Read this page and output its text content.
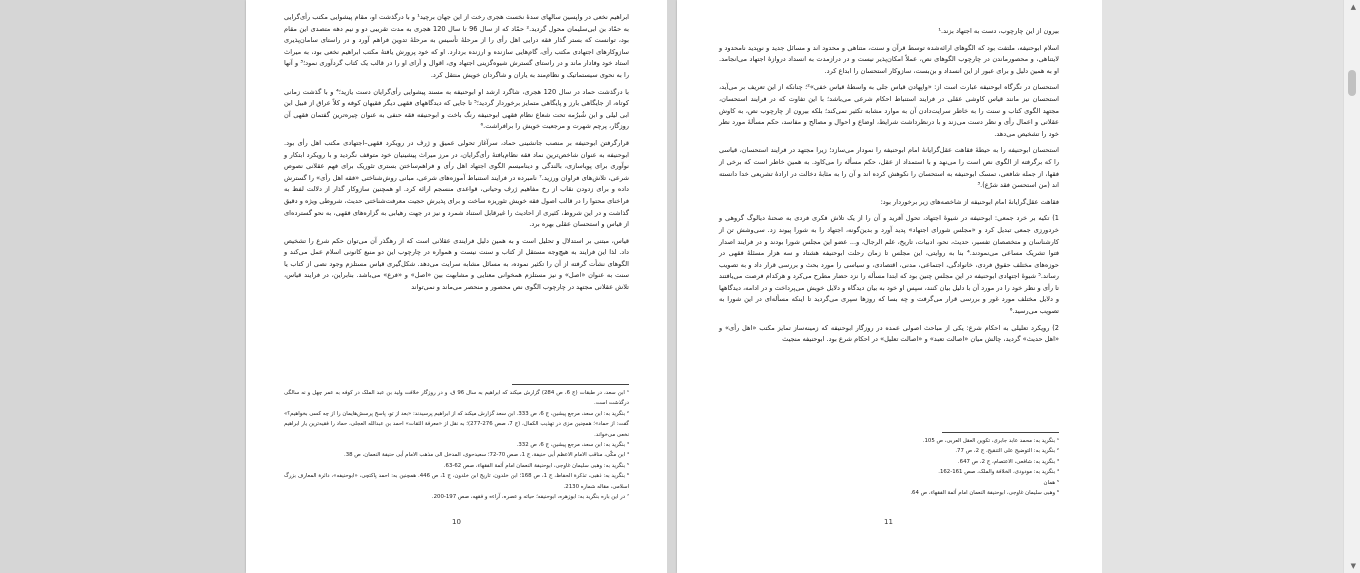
ابراهیم نخعی در واپسین سالهای سدهٔ نخست هجری رخت از این جهان برچید¹ و با درگذشت او، مقام پیشوایی مکتب رأی‌گرایی به حمّاد بن ابی‌سلیمان محول گردید.² حمّاد که از سال 96 تا سال 120 هجری به مدت تقریبی دو و نیم دهه متصدی این مقام بود، توانست که بستر گذار فقه درایی اهل رأی را از مرحلهٔ تأسیس به مرحلهٔ تدوین فراهم آورد و در راستای سامان‌پذیری سازوکارهای اجتهادی مکتب رأی، گام‌هایی سازنده و ارزنده بردارد. او که خود پرورش یافتهٔ مکتب ابراهیم نخعی بود، به میراث استاد خود وفادار ماند و در راستای گسترش شیوه‌گزینی اجتهاد وی، اقوال و آرای او را در قالب یک کتاب گردآوری نمود؛³ و آنها را به نحوی سیستماتیک و نظام‌مند به یاران و شاگردان خویش منتقل کرد.

با درگذشت حماد در سال 120 هجری، شاگرد ارشد او ابوحنیفه به مسند پیشوایی رأی‌گرایان دست یازید؛⁴ و با گذشت زمانی کوتاه، از جایگاهی بارز و پایگاهی متمایز برخوردار گردید؛⁵ تا جایی که دیدگاههای فقهی دیگر فقیهان کوفه و کلاً عراق از قبیل ابن ابی لیلی و ابن شُبرُمه تحت شعاع نظام فقهی ابوحنیفه رنگ باخت و ابوحنیفه فقه حنفی به عنوان چیره‌ترین گفتمان فقهی آن روزگار، پرچم شهرت و مرجعیت خویش را برافراشت.⁶

قرارگرفتن ابوحنیفه بر منصب جانشینی حماد، سرآغاز تحولی عمیق و ژرف در رویکرد فقهی–اجتهادی مکتب اهل رأی بود. ابوحنیفه به عنوان شاخص‌ترین نماد فقه نظام‌یافتهٔ رأی‌گرایان، در مرز میراث پیشینیان خود متوقف نگردید و با رویکرد ابتکار و نوآوری برای پویاسازی، بالندگی و دینامیسم الگوی اجتهاد اهل رأی و فراهم‌ساختن بستری تئوریک برای فهم عقلانی نصوص شرعی، تلاش‌های فراوان ورزید.⁷ نامبرده در فرایند استنباط آموزه‌های شرعی، مبانی روش‌شناختی «فقه اهل رأی» را گسترش داده و برای زدودن نقاب از رخ مفاهیم ژرف وحیانی، قواعدی منسجم ارائه کرد. او همچنین سازوکار گذار از دلالت لفظ به فراخنای محتوا را در قالب اصول فقه خویش تئوریزه ساخت و برای پذیرش حجیت معرفت‌شناختی حدیث، شروطی ویژه و دقیق گذاشت و در این شروط، کثیری از احادیث را غیرقابل استناد شمرد و نیز در جهت رهیابی به گزاره‌های فقهی، به نحو گسترده‌ای از قیاس و استحسان عقلی بهره برد.

قیاس، مبتنی بر استدلال و تحلیل است و به همین دلیل فرایندی عقلانی است که از رهگذر آن می‌توان حکم شرع را تشخیص داد. لذا این فرایند به هیچ‌وجه مستقل از کتاب و سنت نیست و همواره در چارچوب این دو منبع کانونی اسلام عمل می‌کند و الگوهای نشأت گرفته از آن را تکثیر نموده، به مسائل مشابه سرایت می‌دهد. شکل‌گیری قیاس مستلزم وجود نصی از کتاب یا سنت به عنوان «اصل» و نیز مستلزم همخوانی معنایی و مشابهت بین «اصل» و «فرع» می‌باشد. بنابراین، در فرایند قیاس، تلاش عقلانی مجتهد در چارچوب الگوی نص محصور و منحصر می‌ماند و نمی‌تواند

¹ ابن سعد، در طبقات (ج 6، ص 284) گزارش میکند که ابراهیم به سال 96 ق، و در روزگار خلافت ولید بن عبد الملک در کوفه به عمر چهل و نه سالگی درگذشت است.
² بنگرید به: ابن سعد، مرجع پیشین، ج 6، ص 333. ابن سعد گزارش میکند که از ابراهیم پرسیدند: «بعد از تو، پاسخ پرسش‌هایمان را از چه کسی بخواهیم؟» گفت: از حماد»؛ همچنین مزی در تهذیب الکمال، (ج 7، صص 276-277)؛ به نقل از «معرفة الثقات» احمد بن عبدالله العجلی، حماد را فقیه‌ترین یار ابراهیم نخعی می‌خواند.
³ بنگرید به: ابن سعد، مرجع پیشین، ج 6، ص 332.
⁴ ابن مکّی، مناقب الامام الاعظم أبی حنیفة، ج 1، صص 70-72؛ سعیدحوی، المدخل الی مذهب الامام أبی حنیفة النعمان، ص 38.
⁵ بنگرید به: وهبی سلیمان غاوجی، ابوحنیفة النعمان امام أئمة الفقهاء، صص 62-63.
⁶ بنگرید به: ذهبی، تذکرة الحفاظ، ج 1، ص 168؛ ابن خلدون، تاریخ ابن خلدون، ج 1، ص 446. همچنین به: احمد پاکتچی، «ابوحنیفه»، دائرة المعارف بزرگ اسلامی، مقاله شماره 2130.
⁷ در این باره بنگرید به: ابوزهره، ابوحنیفه؛ حیاته و عصره، آراءه و فقهه، صص 197-200.
10

بیرون از این چارچوب، دست به اجتهاد بزند.¹

اسلام ابوحنیفه، ملتفت بود که الگوهای ارائه‌شده توسط قرآن و سنت، متناهی و محدود اند و مسائل جدید و نوپدید نامحدود و لایتناهی، و محصورماندن در چارچوب الگوهای نص، عملاً امکان‌پذیر نیست و در درازمدت به انسداد دروازهٔ اجتهاد می‌انجامد. او به همین دلیل و برای عبور از این انسداد و بن‌بست، سازوکار استحسان را ابداع کرد.

استحسان در نگرگاه ابوحنیفه عبارت است از: «واپهادن قیاس جلی به واسطهٔ قیاس خفی»²؛ چنانکه از این تعریف بر می‌آید، استحسان نیز مانند قیاس کاوشی عقلی در فرایند استنباط احکام شرعی می‌باشد؛ با این تفاوت که در فرایند استحسان، مجتهد الگوی کتاب و سنت را به خاطر سرایت‌دادن آن به موارد مشابه تکثیر نمی‌کند؛ بلکه بیرون از چارچوب نص، به کاوش عقلانی و اعمال رأی و نظر دست می‌زند و با درنظرداشت شرایط، اوضاع و احوال و مصالح و مفاسد، حکم مسألهٔ مورد نظر خود را تشخیص می‌دهد.

استحسان ابوحنیفه را به حیطهٔ فقاهت عقل‌گرایانهٔ امام ابوحنیفه را نمودار می‌سازد؛ زیرا مجتهد در فرایند استحسان، قیاسی را که برگرفته از الگوی نص است را می‌نهد و با استمداد از عقل، حکم مسأله را می‌کاود. به همین خاطر است که برخی از فقها، از جمله شافعی، تمسک ابوحنیفه به استحسان را نکوهش کرده اند و آن را به مثابهٔ دخالت در ارادهٔ تشریعی خدا دانسته اند (من استحسن فقد شرّع).³

فقاهت عقل‌گرایانهٔ امام ابوحنیفه از شاخصه‌های زیر برخوردار بود:

1) تکیه بر خرد جمعی: ابوحنیفه در شیوهٔ اجتهاد، تحول آفرید و آن را از یک تلاش فکری فردی به صحنهٔ دیالوگ گروهی و خردورزی جمعی تبدیل کرد و «مجلس شورای اجتهاد» پدید آورد و بدین‌گونه، اجتهاد را به شورا پیوند زد. سی‌وشش تن از کارشناسان و متخصصان تفسیر، حدیث، نحو، ادبیات، تاریخ، علم الرجال، و... عضو این مجلس شورا بودند و در فرایند اصدار فتوا تشریک مساعی می‌نمودند.⁴ بنا به روایتی، این مجلس تا زمان رحلت ابوحنیفه هشتاد و سه هزار مسئلهٔ فقهی در حوزه‌های مختلف حقوق فردی، خانوادگی، اجتماعی، مدنی، اقتصادی، و سیاسی را مورد بحث و بررسی قرار داد و به تصویب رساند.⁵ شیوهٔ اجتهادی ابوحنیفه در این مجلس چنین بود که ابتدا مسأله را نزد حضار مطرح می‌کرد و هرکدام فرصت می‌یافتند تا رأی و نظر خود را در مورد آن با دلیل بیان کنند، سپس او خود به بیان دیدگاه و دلایل خویش می‌پرداخت و در ادامه، دیدگاهها و دلایل مختلف مورد غور و بررسی قرار می‌گرفت و چه بسا که روزها سپری می‌گردید تا اینکه مسأله‌ای در این شورا به تصویب می‌رسید.⁶

2) رویکرد تعلیلی به احکام شرع: یکی از مباحث اصولی عمده در روزگار ابوحنیفه که زمینه‌ساز تمایز مکتب «اهل رأی» و «اهل حدیث» گردید، چالش میان «اصالت تعبد» و «اصالت تعلیل» در احکام شرع بود. ابوحنیفه منجیث

¹ بنگرید به: محمد عابد جابری، تکوین العقل العربی، ص 105.
² بنگرید به: التوضیح علی التنقیح، ج 2، ص 77.
³ بنگرید به: شافعی، الاعتصام، ج 2، ص 647.
⁴ بنگرید به: مودودی، الخلافة والملک، صص 161-162.
⁵ همان
⁶ وهبی سلیمان غاوجی، ابوحنیفة النعمان امام أئمة الفقهاء، ص 64.
11
▲
▼
